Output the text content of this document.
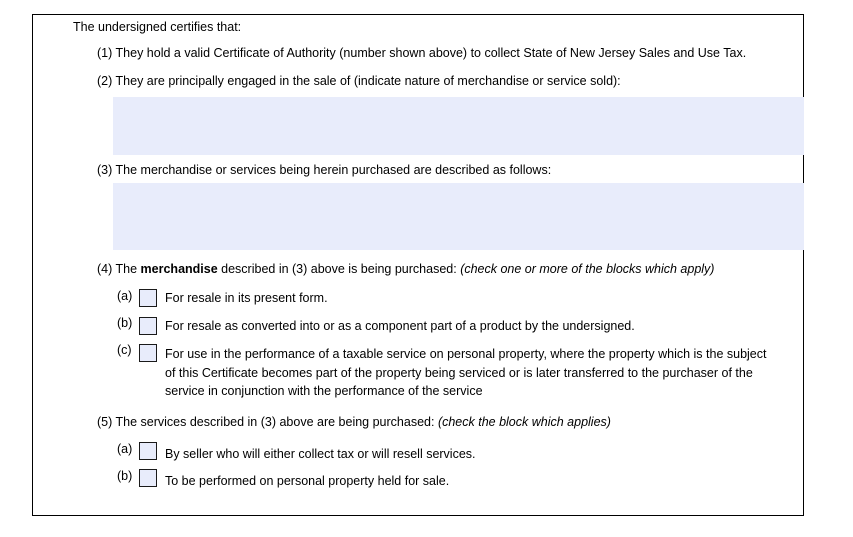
The undersigned certifies that:
(1) They hold a valid Certificate of Authority (number shown above) to collect State of New Jersey Sales and Use Tax.
(2) They are principally engaged in the sale of (indicate nature of merchandise or service sold):
(3) The merchandise or services being herein purchased are described as follows:
(4) The merchandise described in (3) above is being purchased: (check one or more of the blocks which apply)
(a)	For resale in its present form.
(b)	For resale as converted into or as a component part of a product by the undersigned.
(c)	For use in the performance of a taxable service on personal property, where the property which is the subject of this Certificate becomes part of the property being serviced or is later transferred to the purchaser of the service in conjunction with the performance of the service
(5) The services described in (3) above are being purchased: (check the block which applies)
(a)	By seller who will either collect tax or will resell services.
(b)	To be performed on personal property held for sale.
